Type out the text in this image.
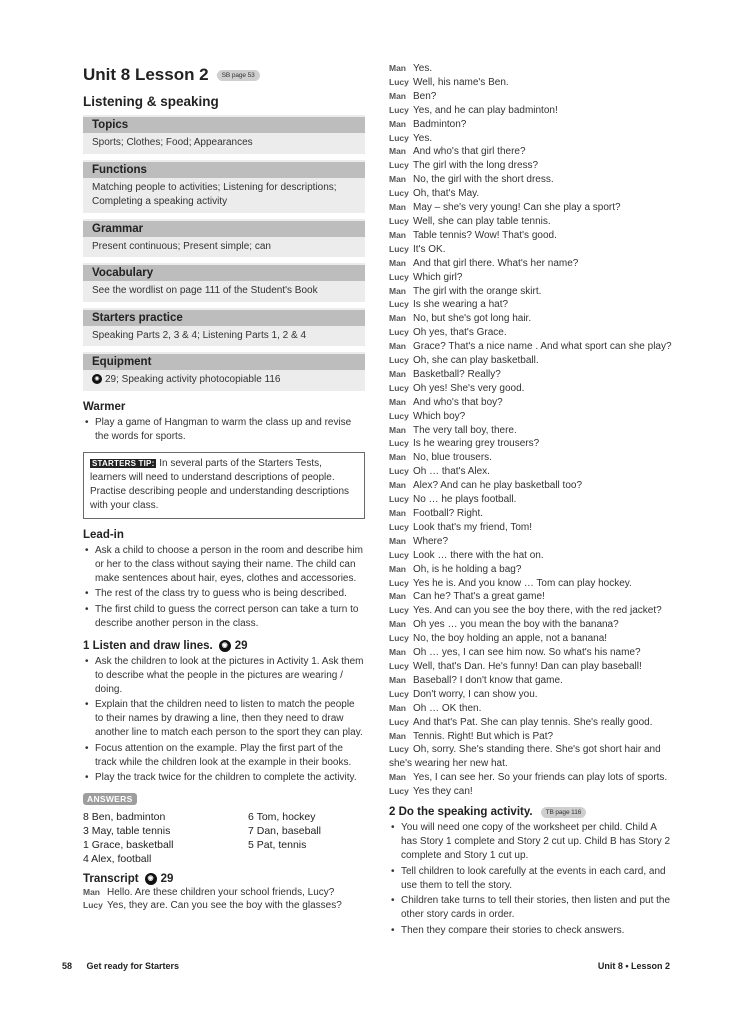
Unit 8 Lesson 2	SB page 53
Listening & speaking
Topics
Sports; Clothes; Food; Appearances
Functions
Matching people to activities; Listening for descriptions; Completing a speaking activity
Grammar
Present continuous; Present simple; can
Vocabulary
See the wordlist on page 111 of the Student's Book
Starters practice
Speaking Parts 2, 3 & 4; Listening Parts 1, 2 & 4
Equipment
◉ 29; Speaking activity photocopiable 116
Warmer
• Play a game of Hangman to warm the class up and revise the words for sports.
STARTERS TIP: In several parts of the Starters Tests, learners will need to understand descriptions of people. Practise describing people and understanding descriptions with your class.
Lead-in
• Ask a child to choose a person in the room and describe him or her to the class without saying their name. The child can make sentences about hair, eyes, clothes and accessories.
• The rest of the class try to guess who is being described.
• The first child to guess the correct person can take a turn to describe another person in the class.
1 Listen and draw lines.	◉ 29
• Ask the children to look at the pictures in Activity 1. Ask them to describe what the people in the pictures are wearing / doing.
• Explain that the children need to listen to match the people to their names by drawing a line, then they need to draw another line to match each person to the sport they can play.
• Focus attention on the example. Play the first part of the track while the children look at the example in their books.
• Play the track twice for the children to complete the activity.
ANSWERS
8 Ben, badminton	6 Tom, hockey
3 May, table tennis	7 Dan, baseball
1 Grace, basketball	5 Pat, tennis
4 Alex, football
Transcript	◉ 29
Man Hello. Are these children your school friends, Lucy?
Lucy Yes, they are. Can you see the boy with the glasses?
Man Yes.
Lucy Well, his name's Ben.
Man Ben?
Lucy Yes, and he can play badminton!
Man Badminton?
Lucy Yes.
Man And who's that girl there?
Lucy The girl with the long dress?
Man No, the girl with the short dress.
Lucy Oh, that's May.
Man May – she's very young! Can she play a sport?
Lucy Well, she can play table tennis.
Man Table tennis? Wow! That's good.
Lucy It's OK.
Man And that girl there. What's her name?
Lucy Which girl?
Man The girl with the orange skirt.
Lucy Is she wearing a hat?
Man No, but she's got long hair.
Lucy Oh yes, that's Grace.
Man Grace? That's a nice name . And what sport can she play?
Lucy Oh, she can play basketball.
Man Basketball? Really?
Lucy Oh yes! She's very good.
Man And who's that boy?
Lucy Which boy?
Man The very tall boy, there.
Lucy Is he wearing grey trousers?
Man No, blue trousers.
Lucy Oh … that's Alex.
Man Alex? And can he play basketball too?
Lucy No … he plays football.
Man Football? Right.
Lucy Look that's my friend, Tom!
Man Where?
Lucy Look … there with the hat on.
Man Oh, is he holding a bag?
Lucy Yes he is. And you know … Tom can play hockey.
Man Can he? That's a great game!
Lucy Yes. And can you see the boy there, with the red jacket?
Man Oh yes … you mean the boy with the banana?
Lucy No, the boy holding an apple, not a banana!
Man Oh … yes, I can see him now. So what's his name?
Lucy Well, that's Dan. He's funny! Dan can play baseball!
Man Baseball? I don't know that game.
Lucy Don't worry, I can show you.
Man Oh … OK then.
Lucy And that's Pat. She can play tennis. She's really good.
Man Tennis. Right! But which is Pat?
Lucy Oh, sorry. She's standing there. She's got short hair and she's wearing her new hat.
Man Yes, I can see her. So your friends can play lots of sports.
Lucy Yes they can!
2 Do the speaking activity.	TB page 116
• You will need one copy of the worksheet per child. Child A has Story 1 complete and Story 2 cut up. Child B has Story 2 complete and Story 1 cut up.
• Tell children to look carefully at the events in each card, and use them to tell the story.
• Children take turns to tell their stories, then listen and put the other story cards in order.
• Then they compare their stories to check answers.
58 Get ready for Starters	Unit 8 • Lesson 2
